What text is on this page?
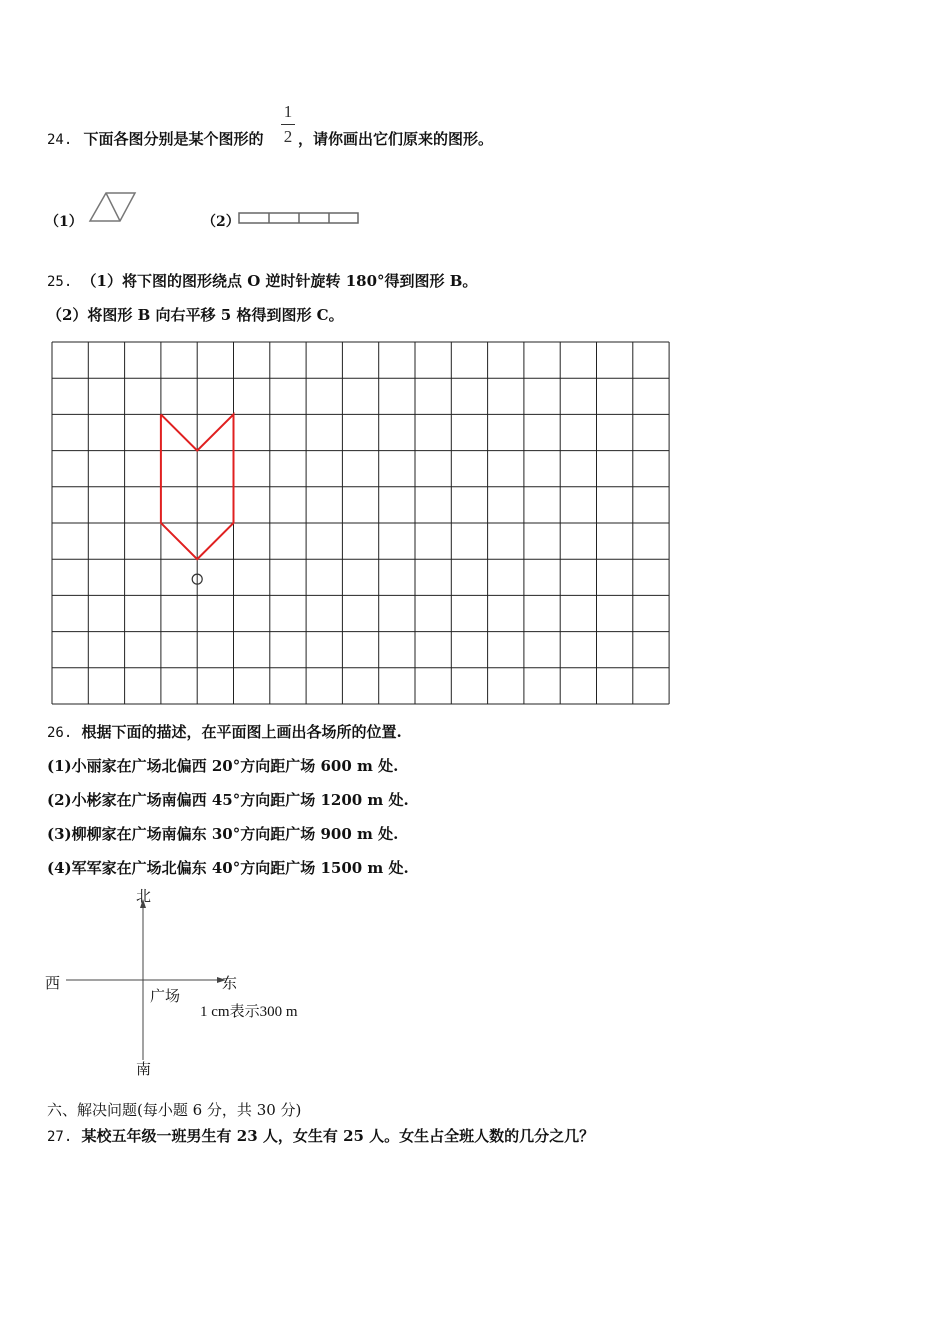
24. 下面各图分别是某个图形的
1
2 ，请你画出它们原来的图形。
（1）	（2）
25. （1）将下图的图形绕点 O 逆时针旋转 180°得到图形 B。
（2）将图形 B 向右平移 5 格得到图形 C。
26. 根据下面的描述，在平面图上画出各场所的位置.
(1)小丽家在广场北偏西 20°方向距广场 600 m 处.
(2)小彬家在广场南偏西 45°方向距广场 1200 m 处.
(3)柳柳家在广场南偏东 30°方向距广场 900 m 处.
(4)军军家在广场北偏东 40°方向距广场 1500 m 处.
北
西	东
广场
1 cm表示300 m
南
六、解决问题(每小题 6 分，共 30 分)
27. 某校五年级一班男生有 23 人，女生有 25 人。女生占全班人数的几分之几？
